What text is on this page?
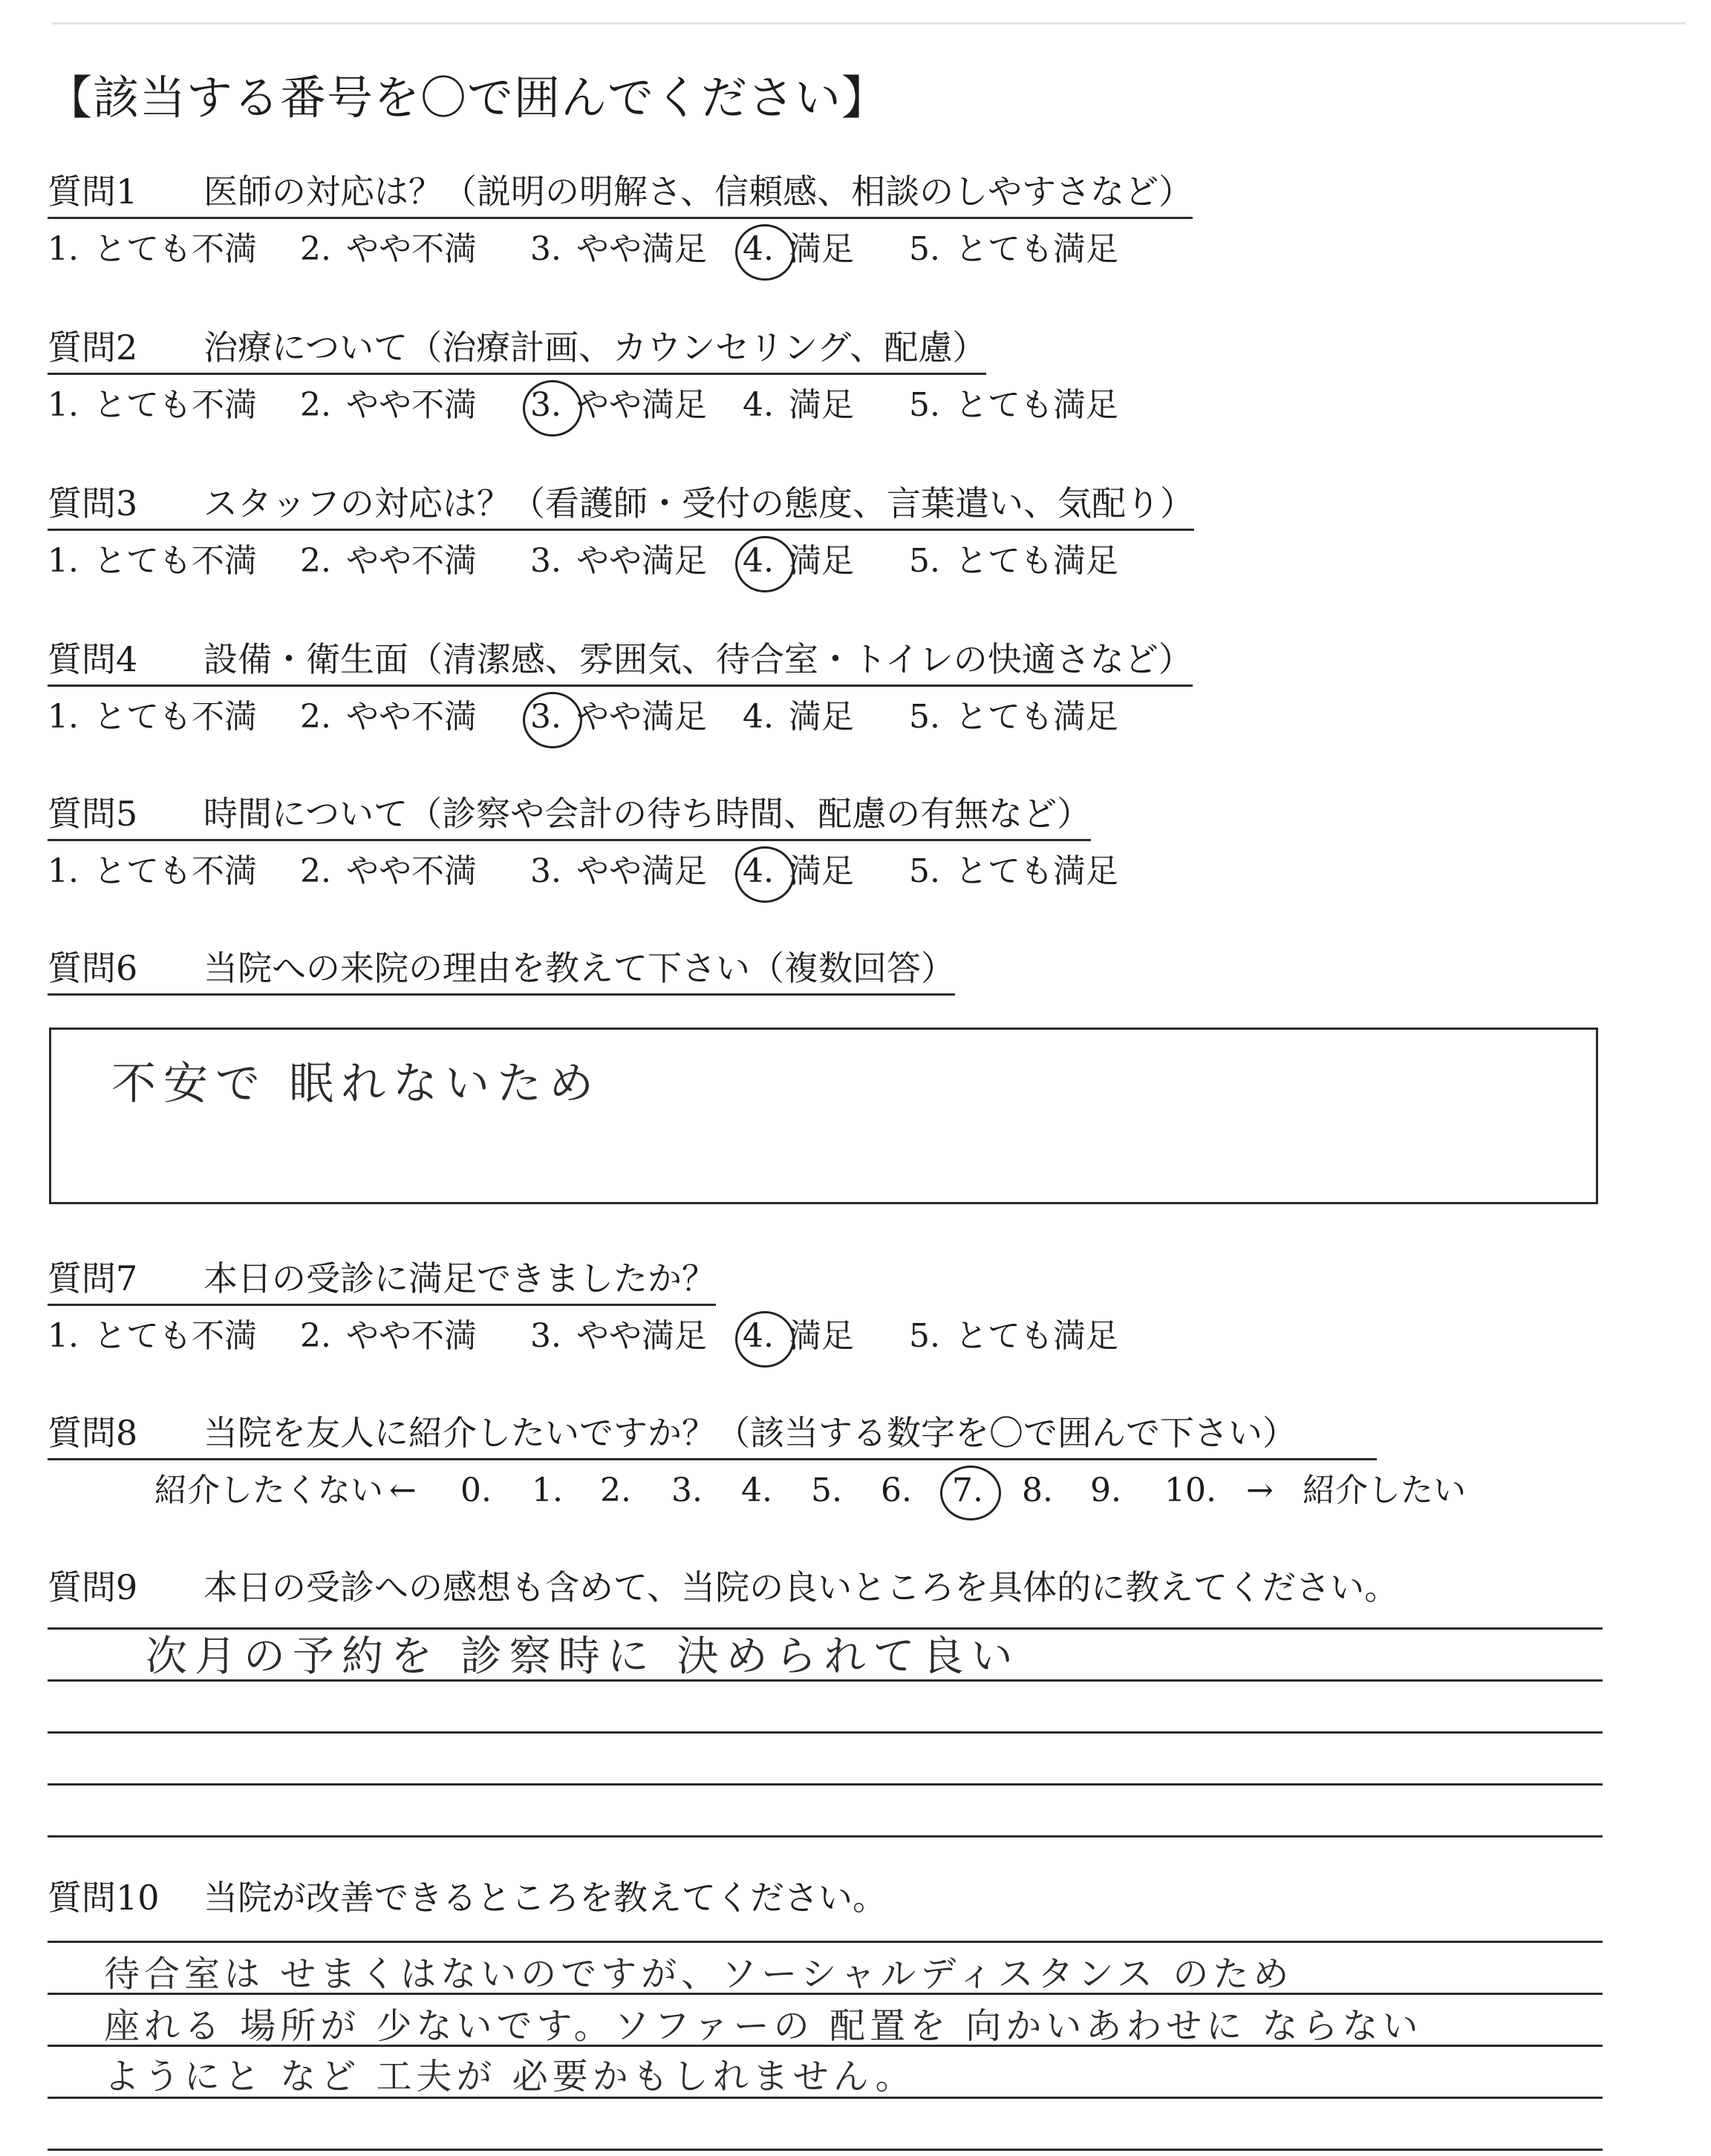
【該当する番号を〇で囲んでください】
質問1 医師の対応は？（説明の明解さ、信頼感、相談のしやすさなど）
1. とても不満 2. やや不満 3. やや満足 4. 満足 5. とても満足
質問2 治療について（治療計画、カウンセリング、配慮）
1. とても不満 2. やや不満 3. やや満足 4. 満足 5. とても満足
質問3 スタッフの対応は？（看護師・受付の態度、言葉遣い、気配り）
1. とても不満 2. やや不満 3. やや満足 4. 満足 5. とても満足
質問4 設備・衛生面（清潔感、雰囲気、待合室・トイレの快適さなど）
1. とても不満 2. やや不満 3. やや満足 4. 満足 5. とても満足
質問5 時間について（診察や会計の待ち時間、配慮の有無など）
1. とても不満 2. やや不満 3. やや満足 4. 満足 5. とても満足
質問6 当院への来院の理由を教えて下さい（複数回答）
不安で 眠れないため
質問7 本日の受診に満足できましたか？
1. とても不満 2. やや不満 3. やや満足 4. 満足 5. とても満足
質問8 当院を友人に紹介したいですか？（該当する数字を〇で囲んで下さい）
紹介したくない ← 0. 1. 2. 3. 4. 5. 6. 7. 8. 9. 10. → 紹介したい
質問9 本日の受診への感想も含めて、当院の良いところを具体的に教えてください。
次月の予約を 診察時に 決められて良い
質問10 当院が改善できるところを教えてください。
待合室は せまくはないのですが、ソーシャルディスタンス のため
座れる 場所が 少ないです。ソファーの 配置を 向かいあわせに ならない
ようにと など 工夫が 必要かもしれません。
